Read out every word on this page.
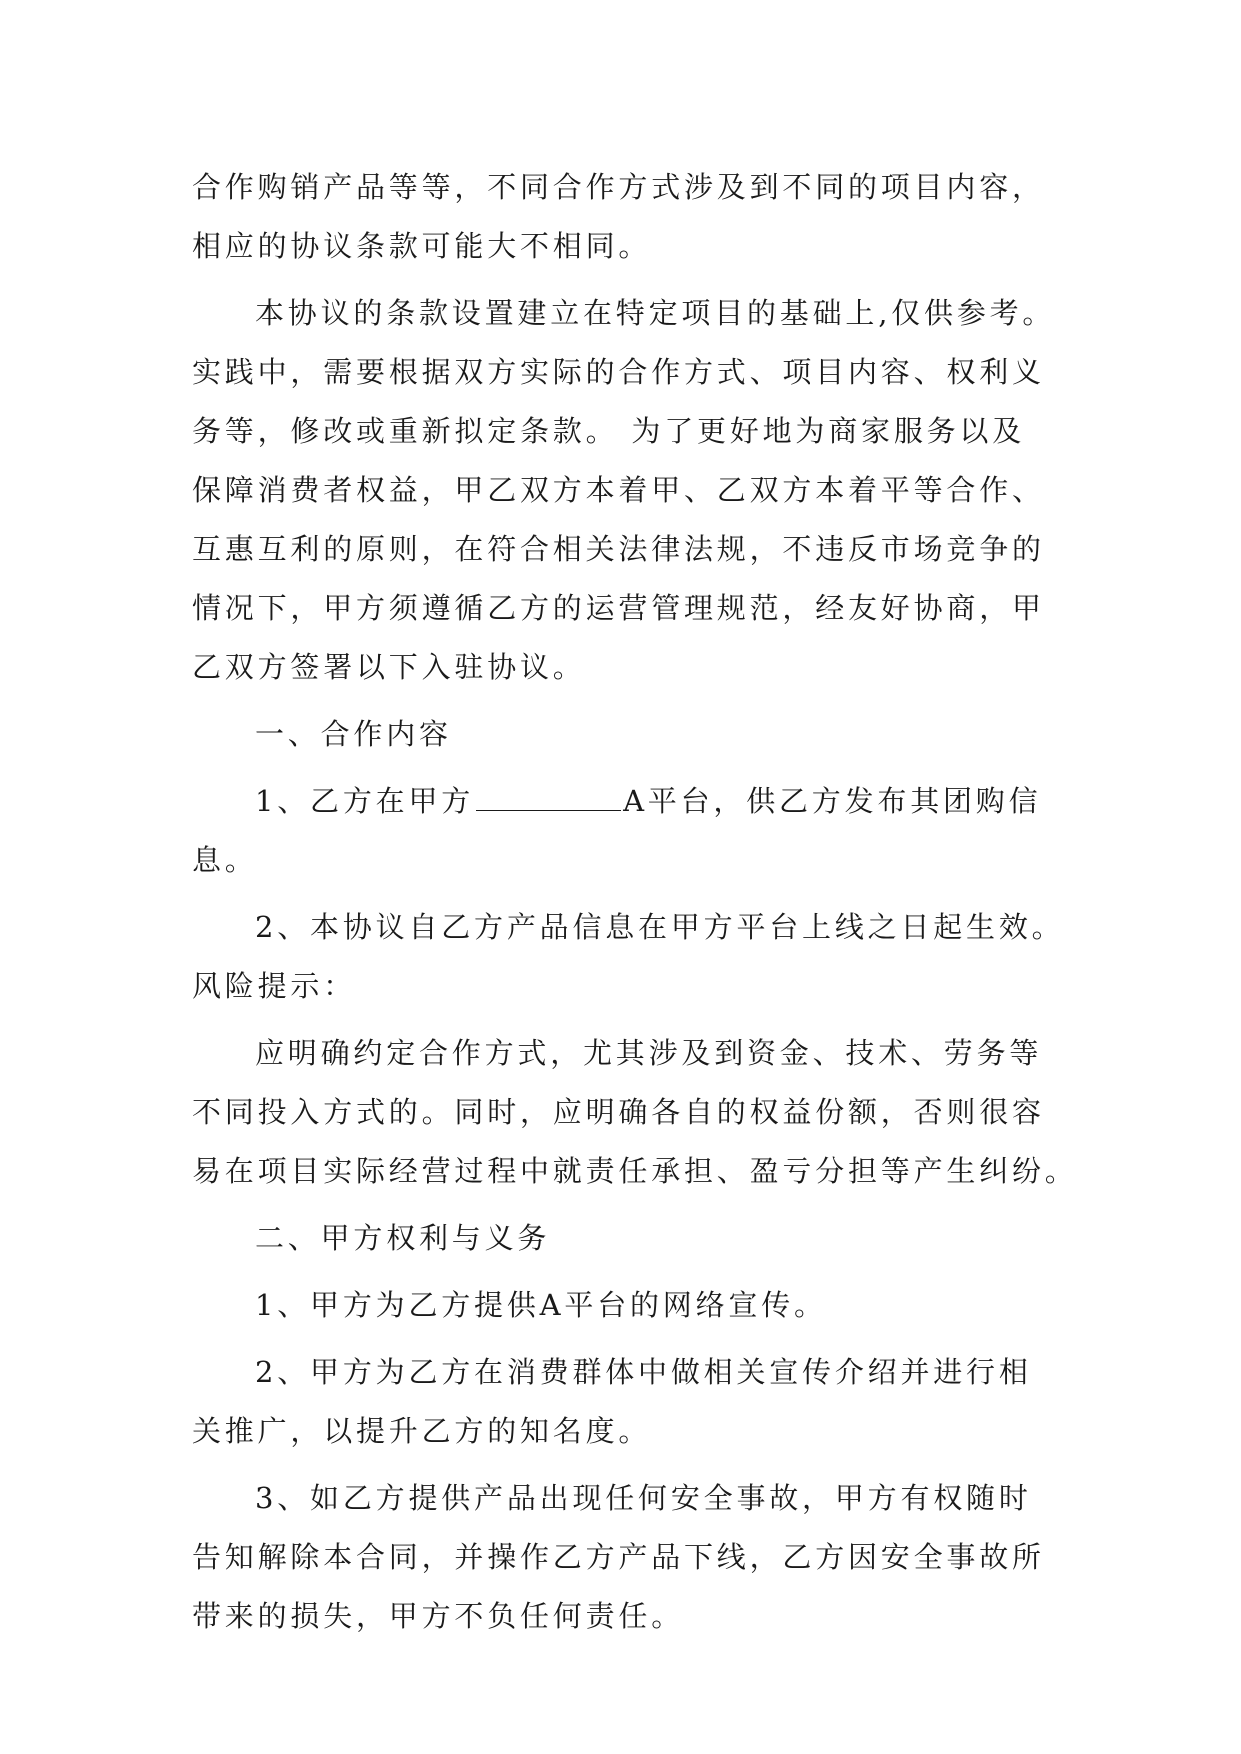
合作购销产品等等，不同合作方式涉及到不同的项目内容，
相应的协议条款可能大不相同。
本协议的条款设置建立在特定项目的基础上,仅供参考。
实践中，需要根据双方实际的合作方式、项目内容、权利义
务等，修改或重新拟定条款。 为了更好地为商家服务以及
保障消费者权益，甲乙双方本着甲、乙双方本着平等合作、
互惠互利的原则，在符合相关法律法规，不违反市场竞争的
情况下，甲方须遵循乙方的运营管理规范，经友好协商，甲
乙双方签署以下入驻协议。
一、合作内容
1、乙方在甲方	A平台，供乙方发布其团购信
息。
2、本协议自乙方产品信息在甲方平台上线之日起生效。
风险提示：
应明确约定合作方式，尤其涉及到资金、技术、劳务等
不同投入方式的。同时，应明确各自的权益份额，否则很容
易在项目实际经营过程中就责任承担、盈亏分担等产生纠纷。
二、甲方权利与义务
1、甲方为乙方提供A平台的网络宣传。
2、甲方为乙方在消费群体中做相关宣传介绍并进行相
关推广，以提升乙方的知名度。
3、如乙方提供产品出现任何安全事故，甲方有权随时
告知解除本合同，并操作乙方产品下线，乙方因安全事故所
带来的损失，甲方不负任何责任。
